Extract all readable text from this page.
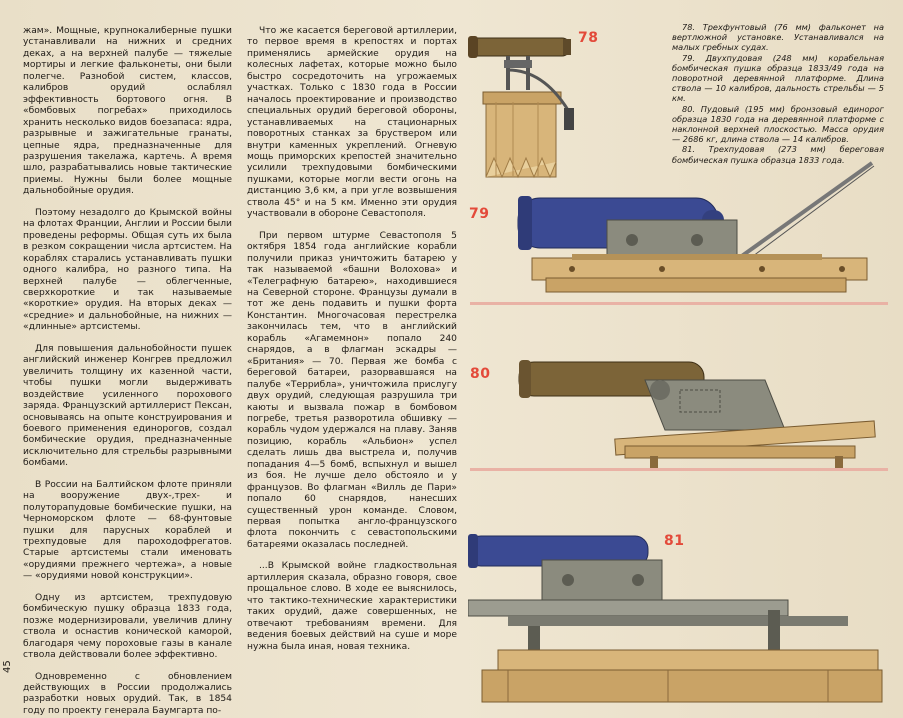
45

жам». Мощные, крупнокалиберные пушки устанавливали на нижних и средних деках, а на верхней палубе — тяжелые мортиры и легкие фальконеты, они были полегче. Разнобой систем, классов, калибров орудий ослаблял эффективность бортового огня. В «бомбовых погребах» приходилось хранить несколько видов боезапаса: ядра, разрывные и зажигательные гранаты, цепные ядра, предназначенные для разрушения такелажа, картечь. А время шло, разрабатывались новые тактические приемы. Нужны были более мощные дальнобойные орудия.

Поэтому незадолго до Крымской войны на флотах Франции, Англии и России были проведены реформы. Общая суть их была в резком сокращении числа артсистем. На кораблях старались устанавливать пушки одного калибра, но разного типа. На верхней палубе — облегченные, сверхкороткие и так называемые «короткие» орудия. На вторых деках — «средние» и дальнобойные, на нижних — «длинные» артсистемы.

Для повышения дальнобойности пушек английский инженер Конгрев предложил увеличить толщину их казенной части, чтобы пушки могли выдерживать воздействие усиленного порохового заряда. Французский артиллерист Пексан, основываясь на опыте конструирования и боевого применения единорогов, создал бомбические орудия, предназначенные исключительно для стрельбы разрывными бомбами.

В России на Балтийском флоте приняли на вооружение двух-,трех- и полуторапудовые бомбические пушки, на Черноморском флоте — 68-фунтовые пушки для парусных кораблей и трехпудовые для пароходофрегатов. Старые артсистемы стали именовать «орудиями прежнего чертежа», а новые — «орудиями новой конструкции».

Одну из артсистем, трехпудовую бомбическую пушку образца 1833 года, позже модернизировали, увеличив длину ствола и оснастив конической каморой, благодаря чему пороховые газы в канале ствола действовали более эффективно.

Одновременно с обновлением действующих в России продолжались разработки новых орудий. Так, в 1854 году по проекту генерала Баумгарта по-

Что же касается береговой артиллерии, то первое время в крепостях и портах применялись армейские орудия на колесных лафетах, которые можно было быстро сосредоточить на угрожаемых участках. Только с 1830 года в России началось проектирование и производство специальных орудий береговой обороны, устанавливаемых на стационарных поворотных станках за бруствером или внутри каменных укреплений. Огневую мощь приморских крепостей значительно усилили трехпудовыми бомбическими пушками, которые могли вести огонь на дистанцию 3,6 км, а при угле возвышения ствола 45° и на 5 км. Именно эти орудия участвовали в обороне Севастополя.

При первом штурме Севастополя 5 октября 1854 года английские корабли получили приказ уничтожить батарею у так называемой «башни Волохова» и «Телеграфную батарею», находившиеся на Северной стороне. Французы думали в тот же день подавить и пушки форта Константин. Многочасовая перестрелка закончилась тем, что в английский корабль «Агамемнон» попало 240 снарядов, а в флагман эскадры — «Британия» — 70. Первая же бомба с береговой батареи, разорвавшаяся на палубе «Террибла», уничтожила прислугу двух орудий, следующая разрушила три каюты и вызвала пожар в бомбовом погребе, третья разворотила обшивку — корабль чудом удержался на плаву. Заняв позицию, корабль «Альбион» успел сделать лишь два выстрела и, получив попадания 4—5 бомб, вспыхнул и вышел из боя. Не лучше дело обстояло и у французов. Во флагман «Вилль де Пари» попало 60 снарядов, нанесших существенный урон команде. Словом, первая попытка англо-французского флота покончить с севастопольскими батареями оказалась последней.

...В Крымской войне гладкоствольная артиллерия сказала, образно говоря, свое прощальное слово. В ходе ее выяснилось, что тактико-технические характеристики таких орудий, даже совершенных, не отвечают требованиям времени. Для ведения боевых действий на суше и море нужна была иная, новая техника.

78. Трехфунтовый (76 мм) фальконет на вертлюжной установке. Устанавливался на малых гребных судах.

79. Двухпудовая (248 мм) корабельная бомбическая пушка образца 1833/49 года на поворотной деревянной платформе. Длина ствола — 10 калибров, дальность стрельбы — 5 км.

80. Пудовый (195 мм) бронзовый единорог образца 1830 года на деревянной платформе с наклонной верхней плоскостью. Масса орудия — 2686 кг, длина ствола — 14 калибров.

81. Трехпудовая (273 мм) береговая бомбическая пушка образца 1833 года.

78
79
80
81
